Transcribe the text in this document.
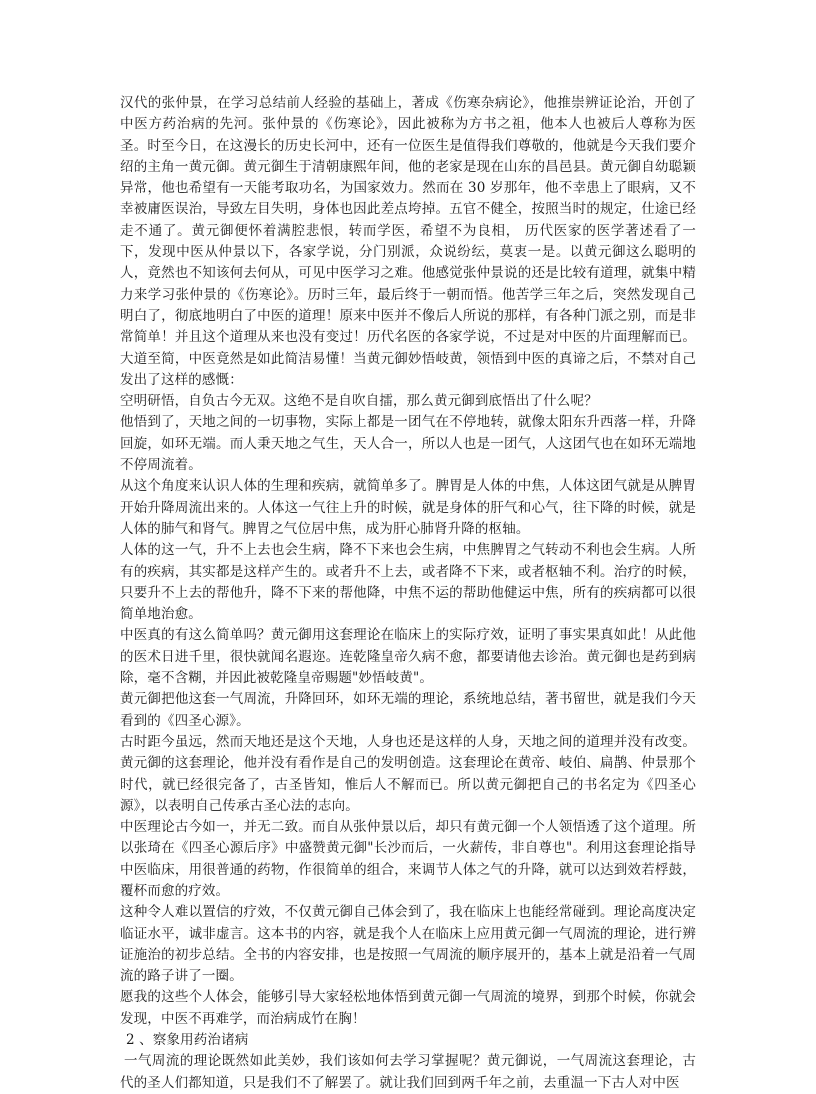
汉代的张仲景，在学习总结前人经验的基础上，著成《伤寒杂病论》，他推崇辨证论治，开创了中医方药治病的先河。张仲景的《伤寒论》，因此被称为方书之祖，他本人也被后人尊称为医圣。时至今日，在这漫长的历史长河中，还有一位医生是值得我们尊敬的，他就是今天我们要介绍的主角一黄元御。黄元御生于清朝康熙年间，他的老家是现在山东的昌邑县。黄元御自幼聪颖异常，他也希望有一天能考取功名，为国家效力。然而在 30 岁那年，他不幸患上了眼病，又不幸被庸医误治，导致左目失明，身体也因此差点垮掉。五官不健全，按照当时的规定，仕途已经走不通了。黄元御便怀着满腔悲恨，转而学医，希望不为良相， 历代医家的医学著述看了一下，发现中医从仲景以下，各家学说，分门别派，众说纷纭，莫衷一是。以黄元御这么聪明的人，竟然也不知该何去何从，可见中医学习之难。他感觉张仲景说的还是比较有道理，就集中精力来学习张仲景的《伤寒论》。历时三年，最后终于一朝而悟。他苦学三年之后，突然发现自己明白了，彻底地明白了中医的道理！原来中医并不像后人所说的那样，有各种门派之别，而是非常简单！并且这个道理从来也没有变过！历代名医的各家学说，不过是对中医的片面理解而已。大道至简，中医竟然是如此简洁易懂！当黄元御妙悟岐黄，领悟到中医的真谛之后，不禁对自己发出了这样的感慨：

空明研悟，自负古今无双。这绝不是自吹自擂，那么黄元御到底悟出了什么呢？

他悟到了，天地之间的一切事物，实际上都是一团气在不停地转，就像太阳东升西落一样，升降回旋，如环无端。而人秉天地之气生，天人合一，所以人也是一团气，人这团气也在如环无端地不停周流着。

从这个角度来认识人体的生理和疾病，就简单多了。脾胃是人体的中焦，人体这团气就是从脾胃开始升降周流出来的。人体这一气往上升的时候，就是身体的肝气和心气，往下降的时候，就是人体的肺气和肾气。脾胃之气位居中焦，成为肝心肺肾升降的枢轴。

人体的这一气，升不上去也会生病，降不下来也会生病，中焦脾胃之气转动不利也会生病。人所有的疾病，其实都是这样产生的。或者升不上去，或者降不下来，或者枢轴不利。治疗的时候，只要升不上去的帮他升，降不下来的帮他降，中焦不运的帮助他健运中焦，所有的疾病都可以很简单地治愈。

中医真的有这么简单吗？黄元御用这套理论在临床上的实际疗效，证明了事实果真如此！从此他的医术日进千里，很快就闻名遐迩。连乾隆皇帝久病不愈，都要请他去诊治。黄元御也是药到病除，毫不含糊，并因此被乾隆皇帝赐题"妙悟岐黄"。

黄元御把他这套一气周流，升降回环，如环无端的理论，系统地总结，著书留世，就是我们今天看到的《四圣心源》。

古时距今虽远，然而天地还是这个天地，人身也还是这样的人身，天地之间的道理并没有改变。黄元御的这套理论，他并没有看作是自己的发明创造。这套理论在黄帝、岐伯、扁鹊、仲景那个时代，就已经很完备了，古圣皆知，惟后人不解而已。所以黄元御把自己的书名定为《四圣心源》，以表明自己传承古圣心法的志向。

中医理论古今如一，并无二致。而自从张仲景以后，却只有黄元御一个人领悟透了这个道理。所以张琦在《四圣心源后序》中盛赞黄元御"长沙而后，一火薪传，非自尊也"。利用这套理论指导中医临床，用很普通的药物，作很简单的组合，来调节人体之气的升降，就可以达到效若桴鼓，覆杯而愈的疗效。

这种令人难以置信的疗效，不仅黄元御自己体会到了，我在临床上也能经常碰到。理论高度决定临证水平，诚非虚言。这本书的内容，就是我个人在临床上应用黄元御一气周流的理论，进行辨证施治的初步总结。全书的内容安排，也是按照一气周流的顺序展开的，基本上就是沿着一气周流的路子讲了一圈。

愿我的这些个人体会，能够引导大家轻松地体悟到黄元御一气周流的境界，到那个时候，你就会发现，中医不再难学，而治病成竹在胸！

2 、察象用药治诸病

一气周流的理论既然如此美妙，我们该如何去学习掌握呢？黄元御说，一气周流这套理论，古代的圣人们都知道，只是我们不了解罢了。就让我们回到两千年之前，去重温一下古人对中医
